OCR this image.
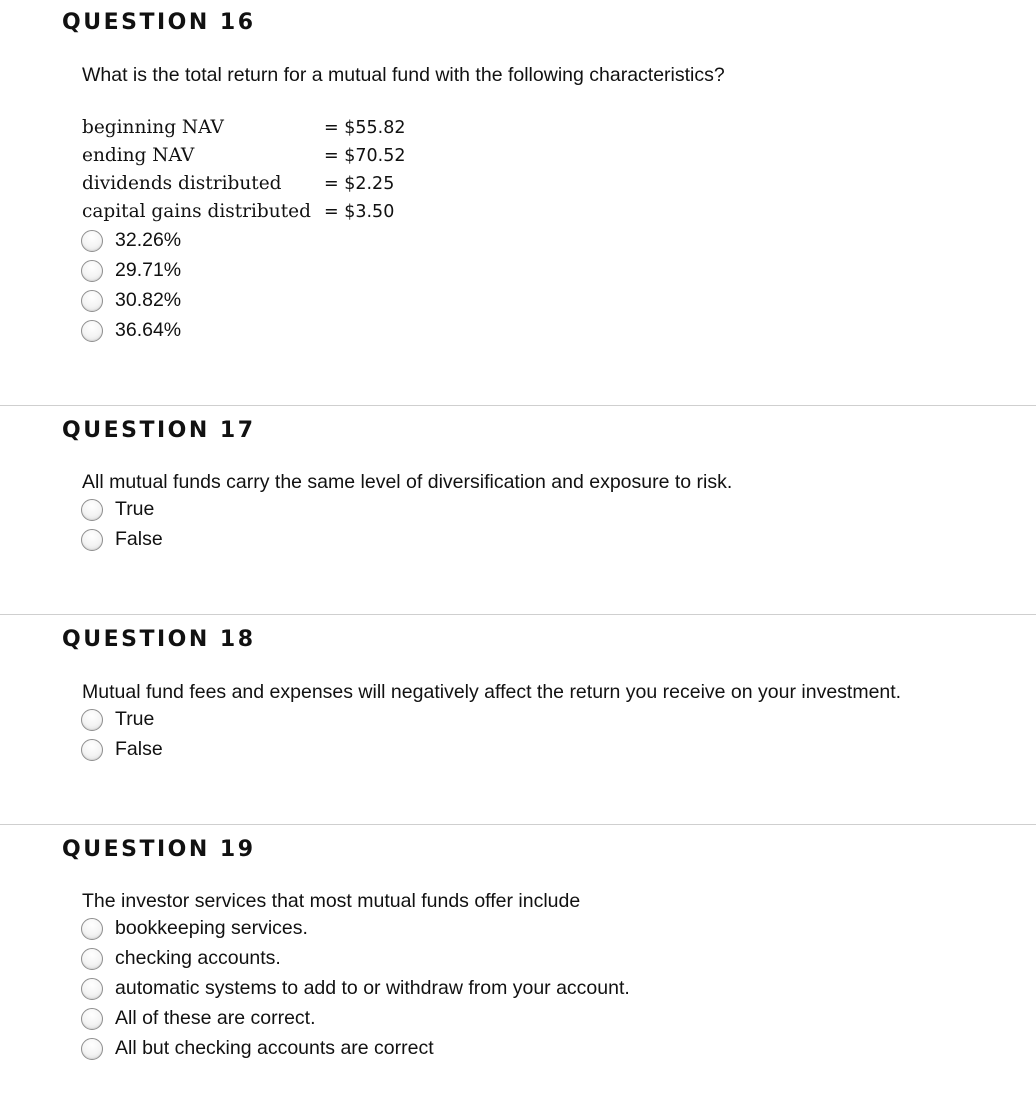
QUESTION 16
What is the total return for a mutual fund with the following characteristics?
beginning NAV	= $55.82
ending NAV	= $70.52
dividends distributed = $2.25
capital gains distributed = $3.50
32.26%
29.71%
30.82%
36.64%
QUESTION 17
All mutual funds carry the same level of diversification and exposure to risk.
True
False
QUESTION 18
Mutual fund fees and expenses will negatively affect the return you receive on your investment.
True
False
QUESTION 19
The investor services that most mutual funds offer include
bookkeeping services.
checking accounts.
automatic systems to add to or withdraw from your account.
All of these are correct.
All but checking accounts are correct
